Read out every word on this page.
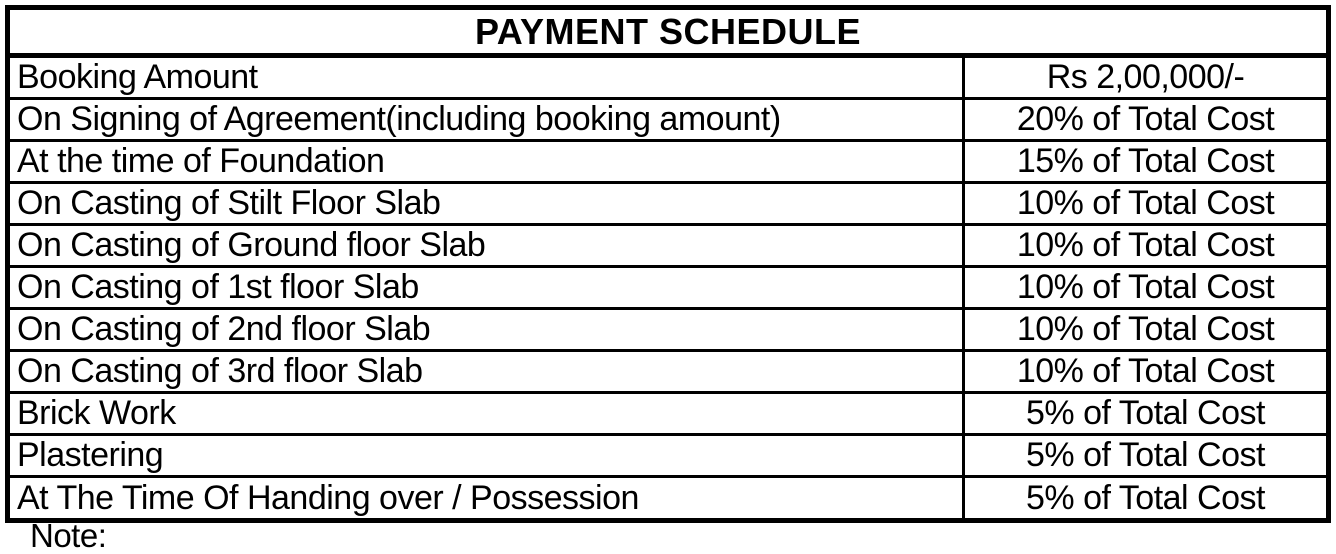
PAYMENT SCHEDULE
Booking Amount	Rs 2,00,000/-
On Signing of Agreement(including booking amount)	20% of Total Cost
At the time of Foundation	15% of Total Cost
On Casting of Stilt Floor Slab	10% of Total Cost
On Casting of Ground floor Slab	10% of Total Cost
On Casting of 1st floor Slab	10% of Total Cost
On Casting of 2nd floor Slab	10% of Total Cost
On Casting of 3rd floor Slab	10% of Total Cost
Brick Work	5% of Total Cost
Plastering	5% of Total Cost
At The Time Of Handing over / Possession	5% of Total Cost
Note:
